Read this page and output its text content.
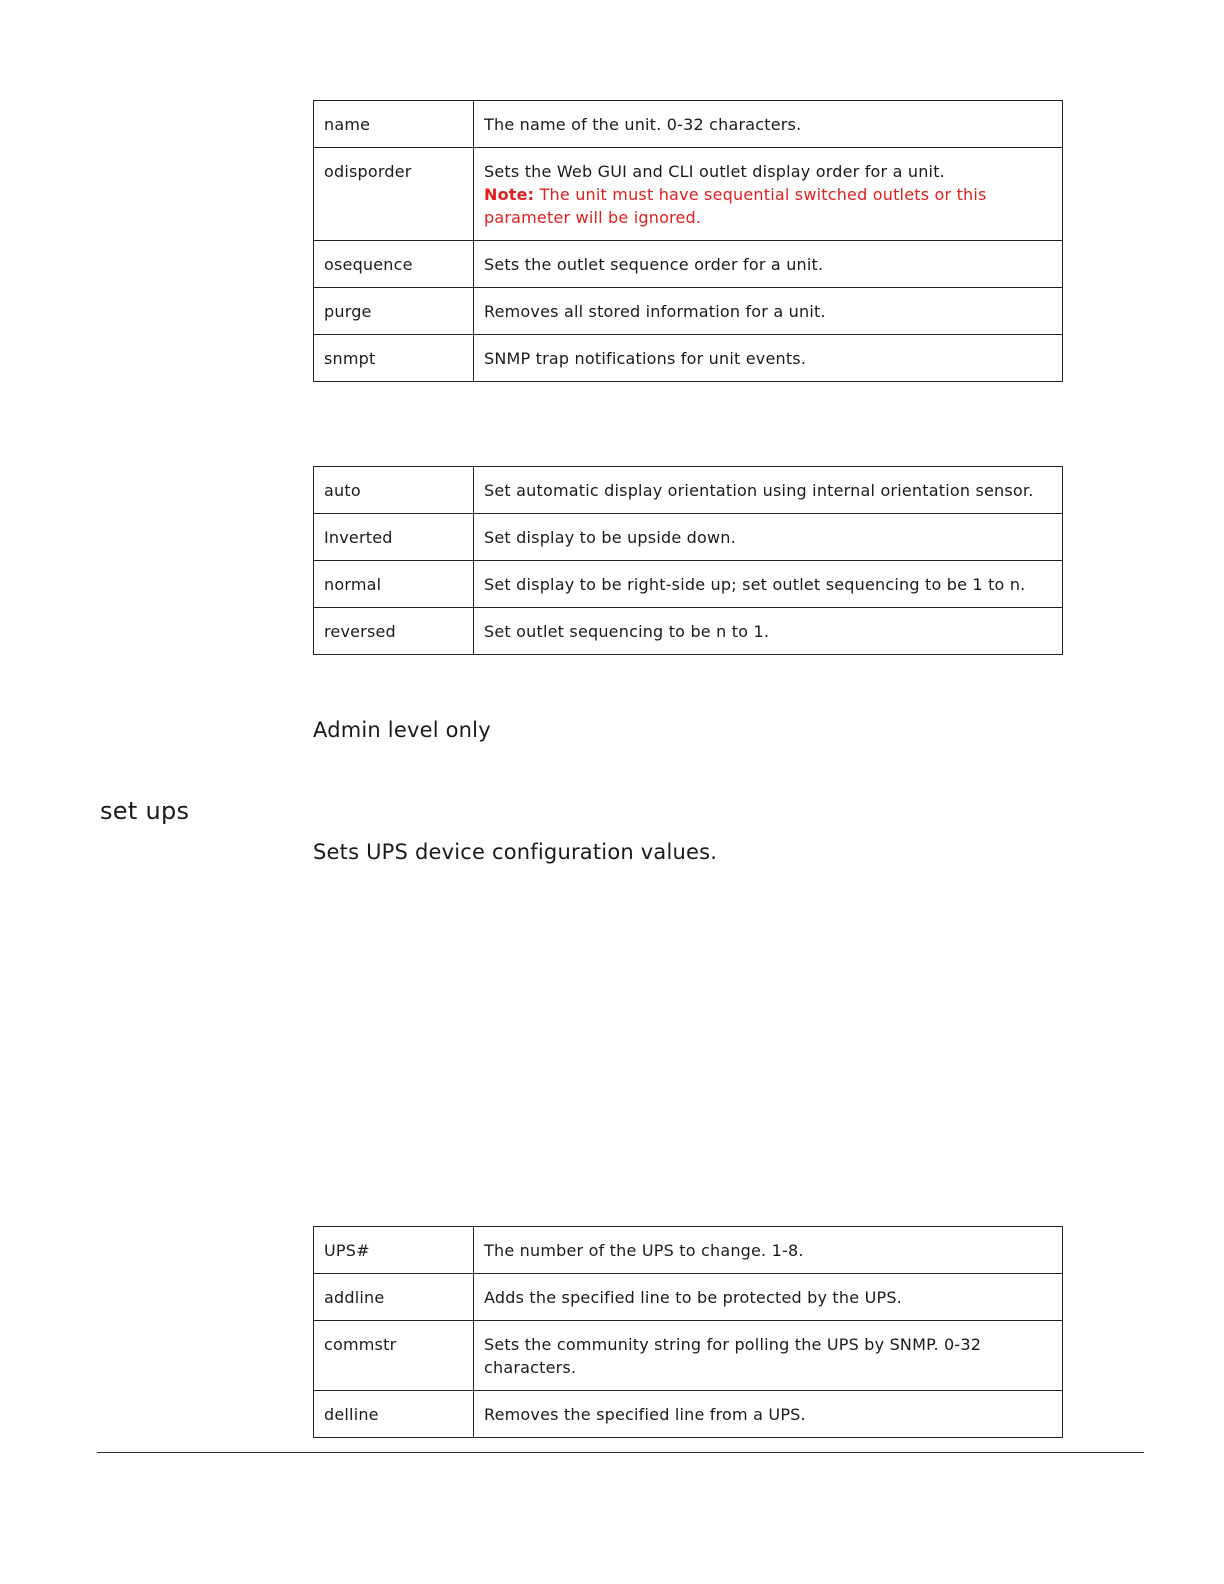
name	The name of the unit. 0-32 characters.
odisporder	Sets the Web GUI and CLI outlet display order for a unit.
Note: The unit must have sequential switched outlets or this parameter will be ignored.
osequence	Sets the outlet sequence order for a unit.
purge	Removes all stored information for a unit.
snmpt	SNMP trap notifications for unit events.
auto	Set automatic display orientation using internal orientation sensor.
Inverted	Set display to be upside down.
normal	Set display to be right-side up; set outlet sequencing to be 1 to n.
reversed	Set outlet sequencing to be n to 1.

Admin level only

set ups

Sets UPS device configuration values.

UPS#	The number of the UPS to change. 1-8.
addline	Adds the specified line to be protected by the UPS.
commstr	Sets the community string for polling the UPS by SNMP. 0-32 characters.
delline	Removes the specified line from a UPS.
